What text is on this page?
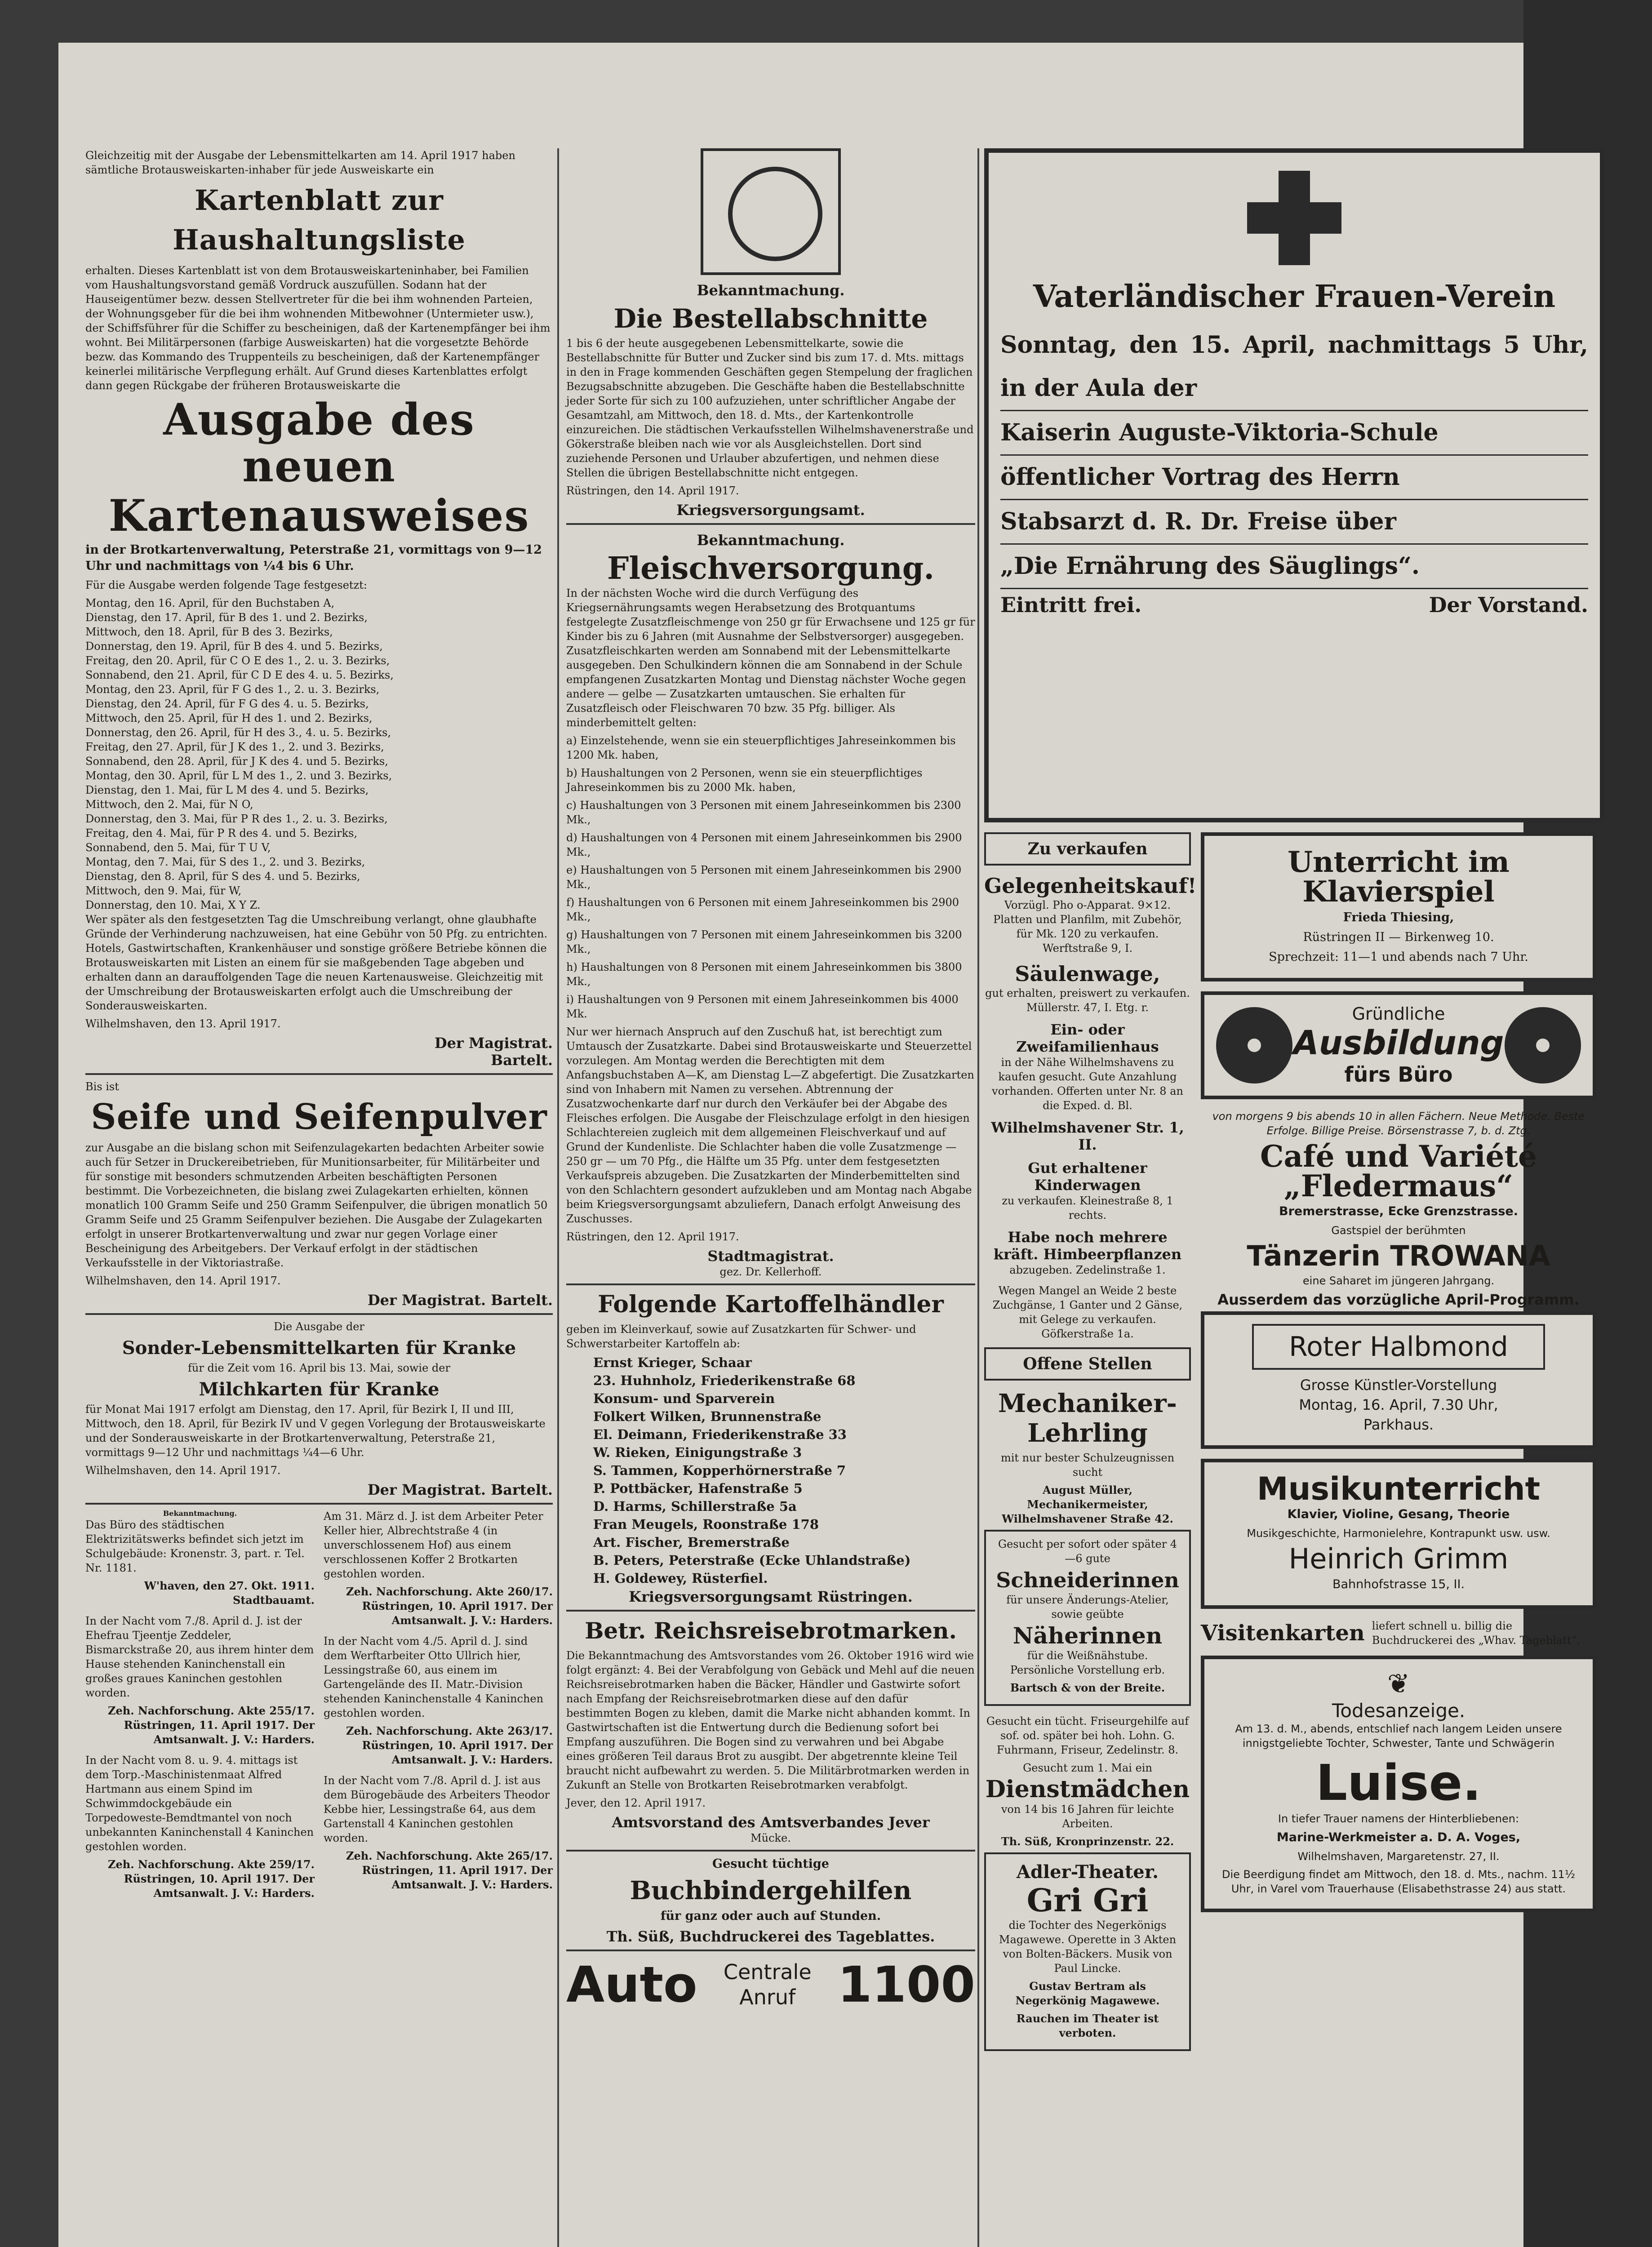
Gleichzeitig mit der Ausgabe der Lebensmittelkarten am 14. April 1917 haben sämtliche Brotausweiskarten-inhaber für jede Ausweiskarte ein

Kartenblatt zur Haushaltungsliste

erhalten. Dieses Kartenblatt ist von dem Brotausweiskarteninhaber, bei Familien vom Haushaltungsvorstand gemäß Vordruck auszufüllen. Sodann hat der Hauseigentümer bezw. dessen Stellvertreter für die bei ihm wohnenden Parteien, der Wohnungsgeber für die bei ihm wohnenden Mitbewohner (Untermieter usw.), der Schiffsführer für die Schiffer zu bescheinigen, daß der Kartenempfänger bei ihm wohnt. Bei Militärpersonen (farbige Ausweiskarten) hat die vorgesetzte Behörde bezw. das Kommando des Truppenteils zu bescheinigen, daß der Kartenempfänger keinerlei militärische Verpflegung erhält. Auf Grund dieses Kartenblattes erfolgt dann gegen Rückgabe der früheren Brotausweiskarte die

Ausgabe des neuen
Kartenausweises

in der Brotkartenverwaltung, Peterstraße 21, vormittags von 9—12 Uhr und nachmittags von ¼4 bis 6 Uhr.

Für die Ausgabe werden folgende Tage festgesetzt:

Montag, den 16. April, für den Buchstaben A,

Dienstag, den 17. April, für B des 1. und 2. Bezirks,

Mittwoch, den 18. April, für B des 3. Bezirks,

Donnerstag, den 19. April, für B des 4. und 5. Bezirks,

Freitag, den 20. April, für C O E des 1., 2. u. 3. Bezirks,

Sonnabend, den 21. April, für C D E des 4. u. 5. Bezirks,

Montag, den 23. April, für F G des 1., 2. u. 3. Bezirks,

Dienstag, den 24. April, für F G des 4. u. 5. Bezirks,

Mittwoch, den 25. April, für H des 1. und 2. Bezirks,

Donnerstag, den 26. April, für H des 3., 4. u. 5. Bezirks,

Freitag, den 27. April, für J K des 1., 2. und 3. Bezirks,

Sonnabend, den 28. April, für J K des 4. und 5. Bezirks,

Montag, den 30. April, für L M des 1., 2. und 3. Bezirks,

Dienstag, den 1. Mai, für L M des 4. und 5. Bezirks,

Mittwoch, den 2. Mai, für N O,

Donnerstag, den 3. Mai, für P R des 1., 2. u. 3. Bezirks,

Freitag, den 4. Mai, für P R des 4. und 5. Bezirks,

Sonnabend, den 5. Mai, für T U V,

Montag, den 7. Mai, für S des 1., 2. und 3. Bezirks,

Dienstag, den 8. April, für S des 4. und 5. Bezirks,

Mittwoch, den 9. Mai, für W,

Donnerstag, den 10. Mai, X Y Z.

Wer später als den festgesetzten Tag die Umschreibung verlangt, ohne glaubhafte Gründe der Verhinderung nachzuweisen, hat eine Gebühr von 50 Pfg. zu entrichten. Hotels, Gastwirtschaften, Krankenhäuser und sonstige größere Betriebe können die Brotausweiskarten mit Listen an einem für sie maßgebenden Tage abgeben und erhalten dann an darauffolgenden Tage die neuen Kartenausweise. Gleichzeitig mit der Umschreibung der Brotausweiskarten erfolgt auch die Umschreibung der Sonderausweiskarten.

Wilhelmshaven, den 13. April 1917.

Der Magistrat.
Bartelt.

Bis ist

Seife und Seifenpulver

zur Ausgabe an die bislang schon mit Seifenzulagekarten bedachten Arbeiter sowie auch für Setzer in Druckereibetrieben, für Munitionsarbeiter, für Militärbeiter und für sonstige mit besonders schmutzenden Arbeiten beschäftigten Personen bestimmt. Die Vorbezeichneten, die bislang zwei Zulagekarten erhielten, können monatlich 100 Gramm Seife und 250 Gramm Seifenpulver, die übrigen monatlich 50 Gramm Seife und 25 Gramm Seifenpulver beziehen. Die Ausgabe der Zulagekarten erfolgt in unserer Brotkartenverwaltung und zwar nur gegen Vorlage einer Bescheinigung des Arbeitgebers. Der Verkauf erfolgt in der städtischen Verkaufsstelle in der Viktoriastraße.

Wilhelmshaven, den 14. April 1917.

Der Magistrat. Bartelt.

Die Ausgabe der

Sonder-Lebensmittelkarten für Kranke

für die Zeit vom 16. April bis 13. Mai, sowie der

Milchkarten für Kranke

für Monat Mai 1917 erfolgt am Dienstag, den 17. April, für Bezirk I, II und III, Mittwoch, den 18. April, für Bezirk IV und V gegen Vorlegung der Brotausweiskarte und der Sonderausweiskarte in der Brotkartenverwaltung, Peterstraße 21, vormittags 9—12 Uhr und nachmittags ¼4—6 Uhr.

Wilhelmshaven, den 14. April 1917.

Der Magistrat. Bartelt.
Bekanntmachung.

Das Büro des städtischen Elektrizitätswerks befindet sich jetzt im Schulgebäude: Kronenstr. 3, part. r. Tel. Nr. 1181.

W'haven, den 27. Okt. 1911. Stadtbauamt.

In der Nacht vom 7./8. April d. J. ist der Ehefrau Tjeentje Zeddeler, Bismarckstraße 20, aus ihrem hinter dem Hause stehenden Kaninchenstall ein großes graues Kaninchen gestohlen worden.

Zeh. Nachforschung. Akte 255/17. Rüstringen, 11. April 1917. Der Amtsanwalt. J. V.: Harders.

In der Nacht vom 8. u. 9. 4. mittags ist dem Torp.-Maschinistenmaat Alfred Hartmann aus einem Spind im Schwimmdockgebäude ein Torpedoweste-Bemdtmantel von noch unbekannten Kaninchenstall 4 Kaninchen gestohlen worden.

Zeh. Nachforschung. Akte 259/17. Rüstringen, 10. April 1917. Der Amtsanwalt. J. V.: Harders.

Am 31. März d. J. ist dem Arbeiter Peter Keller hier, Albrechtstraße 4 (in unverschlossenem Hof) aus einem verschlossenen Koffer 2 Brotkarten gestohlen worden.

Zeh. Nachforschung. Akte 260/17. Rüstringen, 10. April 1917. Der Amtsanwalt. J. V.: Harders.

In der Nacht vom 4./5. April d. J. sind dem Werftarbeiter Otto Ullrich hier, Lessingstraße 60, aus einem im Gartengelände des II. Matr.-Division stehenden Kaninchenstalle 4 Kaninchen gestohlen worden.

Zeh. Nachforschung. Akte 263/17. Rüstringen, 10. April 1917. Der Amtsanwalt. J. V.: Harders.

In der Nacht vom 7./8. April d. J. ist aus dem Bürogebäude des Arbeiters Theodor Kebbe hier, Lessingstraße 64, aus dem Gartenstall 4 Kaninchen gestohlen worden.

Zeh. Nachforschung. Akte 265/17. Rüstringen, 11. April 1917. Der Amtsanwalt. J. V.: Harders.

Bekanntmachung.
Die Bestellabschnitte

1 bis 6 der heute ausgegebenen Lebensmittelkarte, sowie die Bestellabschnitte für Butter und Zucker sind bis zum 17. d. Mts. mittags in den in Frage kommenden Geschäften gegen Stempelung der fraglichen Bezugsabschnitte abzugeben. Die Geschäfte haben die Bestellabschnitte jeder Sorte für sich zu 100 aufzuziehen, unter schriftlicher Angabe der Gesamtzahl, am Mittwoch, den 18. d. Mts., der Kartenkontrolle einzureichen. Die städtischen Verkaufsstellen Wilhelmshavenerstraße und Gökerstraße bleiben nach wie vor als Ausgleichstellen. Dort sind zuziehende Personen und Urlauber abzufertigen, und nehmen diese Stellen die übrigen Bestellabschnitte nicht entgegen.

Rüstringen, den 14. April 1917.

Kriegsversorgungsamt.
Bekanntmachung.
Fleischversorgung.

In der nächsten Woche wird die durch Verfügung des Kriegsernährungsamts wegen Herabsetzung des Brotquantums festgelegte Zusatzfleischmenge von 250 gr für Erwachsene und 125 gr für Kinder bis zu 6 Jahren (mit Ausnahme der Selbstversorger) ausgegeben. Zusatzfleischkarten werden am Sonnabend mit der Lebensmittelkarte ausgegeben. Den Schulkindern können die am Sonnabend in der Schule empfangenen Zusatzkarten Montag und Dienstag nächster Woche gegen andere — gelbe — Zusatzkarten umtauschen. Sie erhalten für Zusatzfleisch oder Fleischwaren 70 bzw. 35 Pfg. billiger. Als minderbemittelt gelten:

a) Einzelstehende, wenn sie ein steuerpflichtiges Jahreseinkommen bis 1200 Mk. haben,

b) Haushaltungen von 2 Personen, wenn sie ein steuerpflichtiges Jahreseinkommen bis zu 2000 Mk. haben,

c) Haushaltungen von 3 Personen mit einem Jahreseinkommen bis 2300 Mk.,

d) Haushaltungen von 4 Personen mit einem Jahreseinkommen bis 2900 Mk.,

e) Haushaltungen von 5 Personen mit einem Jahreseinkommen bis 2900 Mk.,

f) Haushaltungen von 6 Personen mit einem Jahreseinkommen bis 2900 Mk.,

g) Haushaltungen von 7 Personen mit einem Jahreseinkommen bis 3200 Mk.,

h) Haushaltungen von 8 Personen mit einem Jahreseinkommen bis 3800 Mk.,

i) Haushaltungen von 9 Personen mit einem Jahreseinkommen bis 4000 Mk.

Nur wer hiernach Anspruch auf den Zuschuß hat, ist berechtigt zum Umtausch der Zusatzkarte. Dabei sind Brotausweiskarte und Steuerzettel vorzulegen. Am Montag werden die Berechtigten mit dem Anfangsbuchstaben A—K, am Dienstag L—Z abgefertigt. Die Zusatzkarten sind von Inhabern mit Namen zu versehen. Abtrennung der Zusatzwochenkarte darf nur durch den Verkäufer bei der Abgabe des Fleisches erfolgen. Die Ausgabe der Fleischzulage erfolgt in den hiesigen Schlachtereien zugleich mit dem allgemeinen Fleischverkauf und auf Grund der Kundenliste. Die Schlachter haben die volle Zusatzmenge — 250 gr — um 70 Pfg., die Hälfte um 35 Pfg. unter dem festgesetzten Verkaufspreis abzugeben. Die Zusatzkarten der Minderbemittelten sind von den Schlachtern gesondert aufzukleben und am Montag nach Abgabe beim Kriegsversorgungsamt abzuliefern, Danach erfolgt Anweisung des Zuschusses.

Rüstringen, den 12. April 1917.

Stadtmagistrat.
gez. Dr. Kellerhoff.
Folgende Kartoffelhändler

geben im Kleinverkauf, sowie auf Zusatzkarten für Schwer- und Schwerstarbeiter Kartoffeln ab:

Ernst Krieger, Schaar

23. Huhnholz, Friederikenstraße 68

Konsum- und Sparverein

Folkert Wilken, Brunnenstraße

El. Deimann, Friederikenstraße 33

W. Rieken, Einigungstraße 3

S. Tammen, Kopperhörnerstraße 7

P. Pottbäcker, Hafenstraße 5

D. Harms, Schillerstraße 5a

Fran Meugels, Roonstraße 178

Art. Fischer, Bremerstraße

B. Peters, Peterstraße (Ecke Uhlandstraße)

H. Goldewey, Rüsterfiel.

Kriegsversorgungsamt Rüstringen.
Betr. Reichsreisebrotmarken.

Die Bekanntmachung des Amtsvorstandes vom 26. Oktober 1916 wird wie folgt ergänzt: 4. Bei der Verabfolgung von Gebäck und Mehl auf die neuen Reichsreisebrotmarken haben die Bäcker, Händler und Gastwirte sofort nach Empfang der Reichsreisebrotmarken diese auf den dafür bestimmten Bogen zu kleben, damit die Marke nicht abhanden kommt. In Gastwirtschaften ist die Entwertung durch die Bedienung sofort bei Empfang auszuführen. Die Bogen sind zu verwahren und bei Abgabe eines größeren Teil daraus Brot zu ausgibt. Der abgetrennte kleine Teil braucht nicht aufbewahrt zu werden. 5. Die Militärbrotmarken werden in Zukunft an Stelle von Brotkarten Reisebrotmarken verabfolgt.

Jever, den 12. April 1917.

Amtsvorstand des Amtsverbandes Jever
Mücke.

Gesucht tüchtige

Buchbindergehilfen

für ganz oder auch auf Stunden.

Th. Süß, Buchdruckerei des Tageblattes.
Auto Centrale
Anruf 1100
Vaterländischer Frauen-Verein
Sonntag, den 15. April, nachmittags 5 Uhr, in der Aula der
Kaiserin Auguste-Viktoria-Schule
öffentlicher Vortrag des Herrn
Stabsarzt d. R. Dr. Freise über
„Die Ernährung des Säuglings“.
Eintritt frei.	Der Vorstand.
Zu verkaufen
Gelegenheitskauf!

Vorzügl. Pho o-Apparat. 9×12. Platten und Planfilm, mit Zubehör, für Mk. 120 zu verkaufen. Werftstraße 9, I.

Säulenwage,

gut erhalten, preiswert zu verkaufen. Müllerstr. 47, I. Etg. r.

Ein- oder Zweifamilienhaus

in der Nähe Wilhelmshavens zu kaufen gesucht. Gute Anzahlung vorhanden. Offerten unter Nr. 8 an die Exped. d. Bl.

Wilhelmshavener Str. 1, II.
Gut erhaltener Kinderwagen

zu verkaufen. Kleinestraße 8, 1 rechts.

Habe noch mehrere kräft. Himbeerpflanzen

abzugeben. Zedelinstraße 1.

Wegen Mangel an Weide 2 beste Zuchgänse, 1 Ganter und 2 Gänse, mit Gelege zu verkaufen. Göfkerstraße 1a.

Offene Stellen
Mechaniker-Lehrling

mit nur bester Schulzeugnissen sucht

August Müller, Mechanikermeister, Wilhelmshavener Straße 42.

Gesucht per sofort oder später 4—6 gute

Schneiderinnen

für unsere Änderungs-Atelier, sowie geübte

Näherinnen

für die Weißnähstube. Persönliche Vorstellung erb.

Bartsch & von der Breite.

Gesucht ein tücht. Friseurgehilfe auf sof. od. später bei hoh. Lohn. G. Fuhrmann, Friseur, Zedelinstr. 8.

Gesucht zum 1. Mai ein

Dienstmädchen

von 14 bis 16 Jahren für leichte Arbeiten.

Th. Süß, Kronprinzenstr. 22.

Adler-Theater.
Gri Gri

die Tochter des Negerkönigs Magawewe. Operette in 3 Akten von Bolten-Bäckers. Musik von Paul Lincke.

Gustav Bertram als Negerkönig Magawewe.

Rauchen im Theater ist verboten.

Unterricht im Klavierspiel

Frieda Thiesing,

Rüstringen II — Birkenweg 10.

Sprechzeit: 11—1 und abends nach 7 Uhr.

Gründliche
Ausbildung
fürs Büro

von morgens 9 bis abends 10 in allen Fächern. Neue Methode. Beste Erfolge. Billige Preise. Börsenstrasse 7, b. d. Ztg.

Café und Variété „Fledermaus“

Bremerstrasse, Ecke Grenzstrasse.

Gastspiel der berühmten

Tänzerin TROWANA

eine Saharet im jüngeren Jahrgang.

Ausserdem das vorzügliche April-Programm.

Roter Halbmond

Grosse Künstler-Vorstellung

Montag, 16. April, 7.30 Uhr,

Parkhaus.

Musikunterricht

Klavier, Violine, Gesang, Theorie

Musikgeschichte, Harmonielehre, Kontrapunkt usw. usw.

Heinrich Grimm

Bahnhofstrasse 15, II.

Visitenkarten liefert schnell u. billig die Buchdruckerei des „Whav. Tageblatt“.
❦
Todesanzeige.

Am 13. d. M., abends, entschlief nach langem Leiden unsere innigstgeliebte Tochter, Schwester, Tante und Schwägerin

Luise.

In tiefer Trauer namens der Hinterbliebenen:

Marine-Werkmeister a. D. A. Voges,

Wilhelmshaven, Margaretenstr. 27, II.

Die Beerdigung findet am Mittwoch, den 18. d. Mts., nachm. 11½ Uhr, in Varel vom Trauerhause (Elisabethstrasse 24) aus statt.
